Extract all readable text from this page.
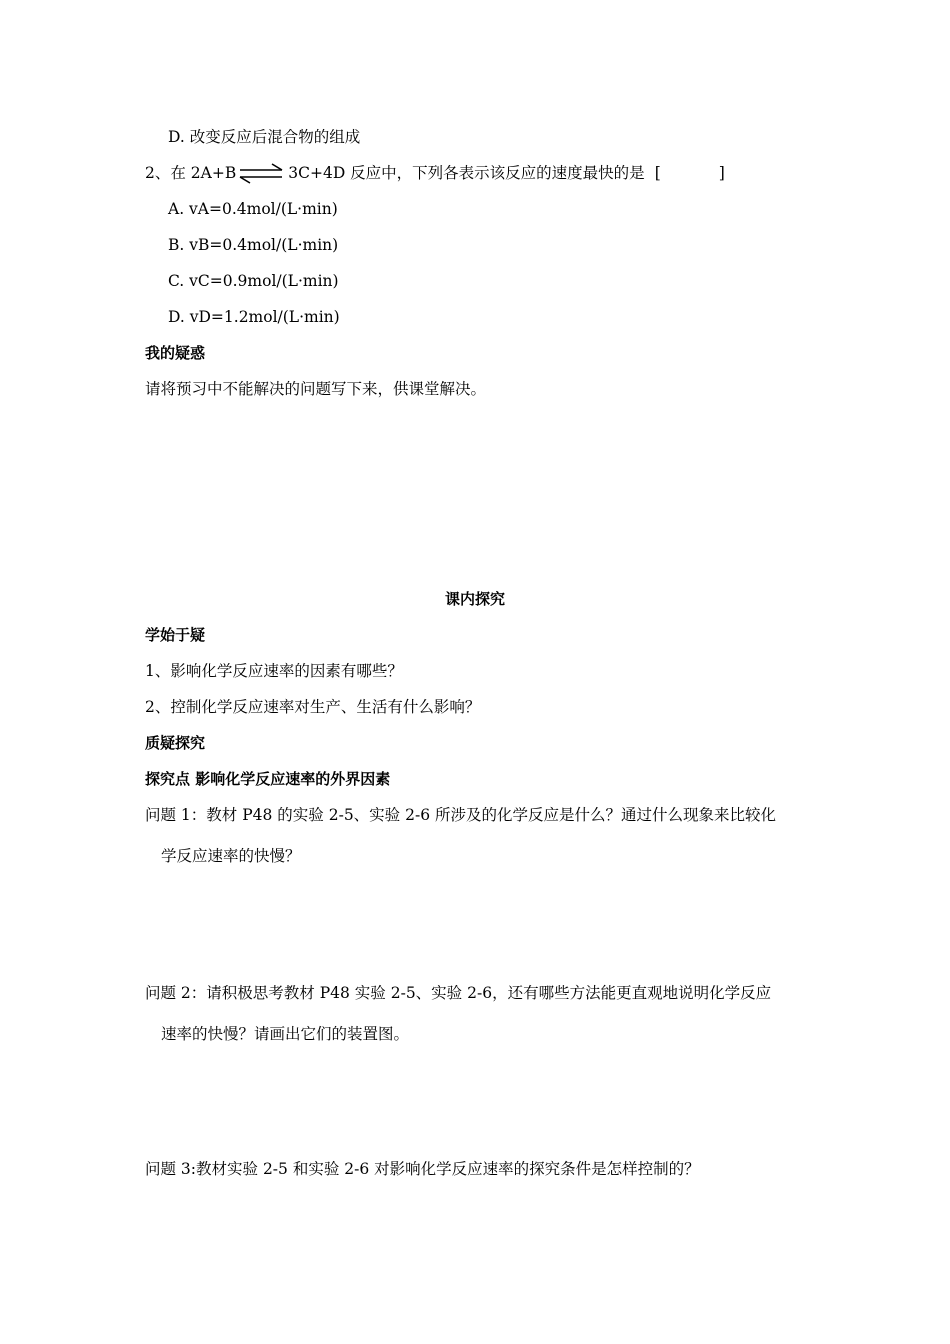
D. 改变反应后混合物的组成
2、 在 2A+B ⇌ 3C+4D 反应中，下列各表示该反应的速度最快的是 [	]
A. vA=0.4mol/(L·min)
B. vB=0.4mol/(L·min)
C. vC=0.9mol/(L·min)
D. vD=1.2mol/(L·min)
我的疑惑
请将预习中不能解决的问题写下来，供课堂解决。
课内探究
学始于疑
1、影响化学反应速率的因素有哪些？
2、控制化学反应速率对生产、生活有什么影响？
质疑探究
探究点 影响化学反应速率的外界因素
问题 1：教材 P48 的实验 2-5、实验 2-6 所涉及的化学反应是什么？通过什么现象来比较化
学反应速率的快慢？
问题 2：请积极思考教材 P48 实验 2-5、实验 2-6，还有哪些方法能更直观地说明化学反应
速率的快慢？请画出它们的装置图。
问题 3:教材实验 2-5 和实验 2-6 对影响化学反应速率的探究条件是怎样控制的？
